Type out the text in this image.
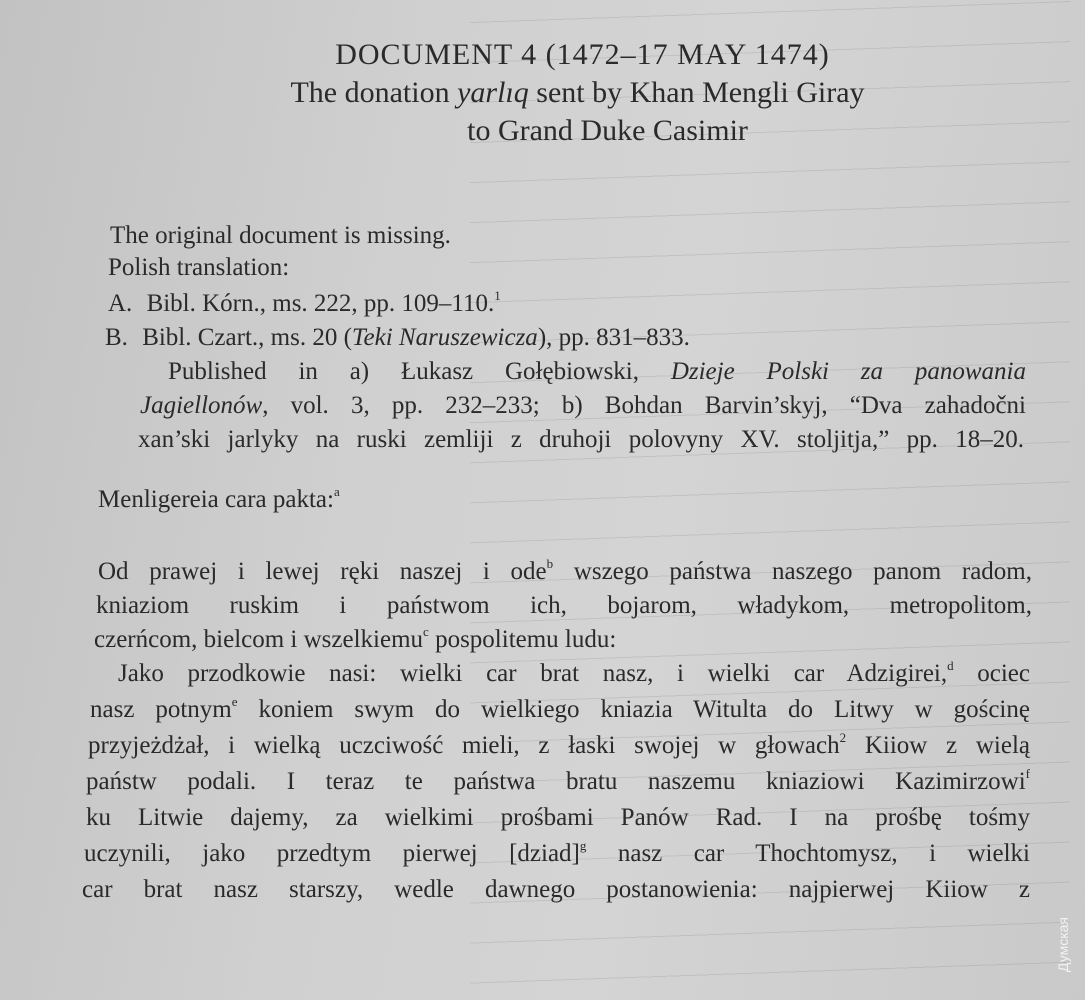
DOCUMENT 4 (1472–17 MAY 1474)
The donation yarlıq sent by Khan Mengli Giray
to Grand Duke Casimir
The original document is missing.
Polish translation:
A. Bibl. Kórn., ms. 222, pp. 109–110.$^1$
B. Bibl. Czart., ms. 20 (Teki Naruszewicza), pp. 831–833.
Published in a) Łukasz Gołębiowski, Dzieje Polski za panowania
Jagiellonów, vol. 3, pp. 232–233; b) Bohdan Barvin’skyj, “Dva zahadočni
xan’ski jarlyky na ruski zemliji z druhoji polovyny XV. stoljitja,” pp. 18–20.
Menligereia cara pakta:$^a$
Od prawej i lewej ręki naszej i ode$^b$ wszego państwa naszego panom radom,
kniaziom ruskim i państwom ich, bojarom, władykom, metropolitom,
czerńcom, bielcom i wszelkiemu$^c$ pospolitemu ludu:
Jako przodkowie nasi: wielki car brat nasz, i wielki car Adzigirei,$^d$ ociec
nasz potnym$^e$ koniem swym do wielkiego kniazia Witulta do Litwy w gościnę
przyjeżdżał, i wielką uczciwość mieli, z łaski swojej w głowach$^2$ Kiiow z wielą
państw podali. I teraz te państwa bratu naszemu kniaziowi Kazimirzowi$^f$
ku Litwie dajemy, za wielkimi prośbami Panów Rad. I na prośbę tośmy
uczynili, jako przedtym pierwej [dziad]$^g$ nasz car Thochtomysz, i wielki
car brat nasz starszy, wedle dawnego postanowienia: najpierwej Kiiow z
Думская
